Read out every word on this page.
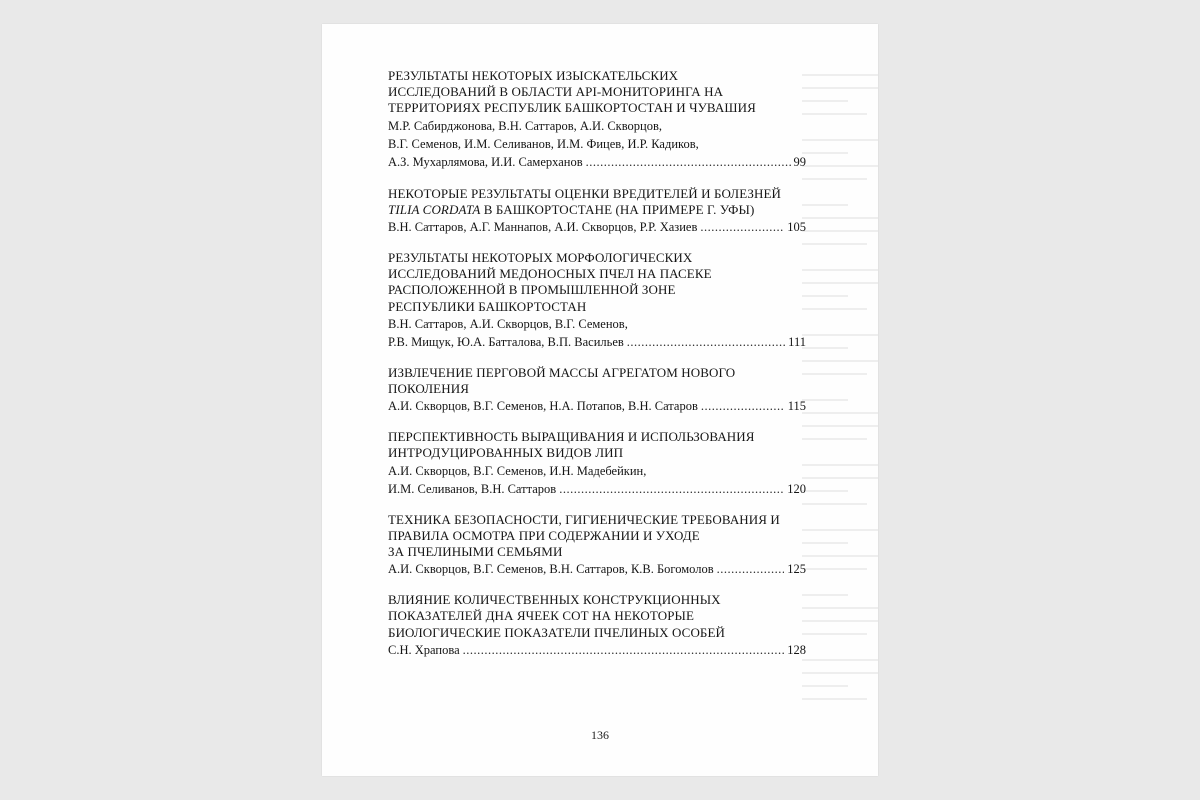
РЕЗУЛЬТАТЫ НЕКОТОРЫХ ИЗЫСКАТЕЛЬСКИХ
ИССЛЕДОВАНИЙ В ОБЛАСТИ API-МОНИТОРИНГА НА
ТЕРРИТОРИЯХ РЕСПУБЛИК БАШКОРТОСТАН И ЧУВАШИЯ
М.Р. Сабирджонова, В.Н. Саттаров, А.И. Скворцов,
В.Г. Семенов, И.М. Селиванов, И.М. Фицев, И.Р. Кадиков,
А.З. Мухарлямова, И.И. Самерханов .....	99
НЕКОТОРЫЕ РЕЗУЛЬТАТЫ ОЦЕНКИ ВРЕДИТЕЛЕЙ И БОЛЕЗНЕЙ
TILIA CORDATA В БАШКОРТОСТАНЕ (НА ПРИМЕРЕ Г. УФЫ)
В.Н. Саттаров, А.Г. Маннапов, А.И. Скворцов, Р.Р. Хазиев .....	105
РЕЗУЛЬТАТЫ НЕКОТОРЫХ МОРФОЛОГИЧЕСКИХ
ИССЛЕДОВАНИЙ МЕДОНОСНЫХ ПЧЕЛ НА ПАСЕКЕ
РАСПОЛОЖЕННОЙ В ПРОМЫШЛЕННОЙ ЗОНЕ
РЕСПУБЛИКИ БАШКОРТОСТАН
В.Н. Саттаров, А.И. Скворцов, В.Г. Семенов,
Р.В. Мищук, Ю.А. Батталова, В.П. Васильев .....	111
ИЗВЛЕЧЕНИЕ ПЕРГОВОЙ МАССЫ АГРЕГАТОМ НОВОГО
ПОКОЛЕНИЯ
А.И. Скворцов, В.Г. Семенов, Н.А. Потапов, В.Н. Сатаров .....	115
ПЕРСПЕКТИВНОСТЬ ВЫРАЩИВАНИЯ И ИСПОЛЬЗОВАНИЯ
ИНТРОДУЦИРОВАННЫХ ВИДОВ ЛИП
А.И. Скворцов, В.Г. Семенов, И.Н. Мадебейкин,
И.М. Селиванов, В.Н. Саттаров .....	120
ТЕХНИКА БЕЗОПАСНОСТИ, ГИГИЕНИЧЕСКИЕ ТРЕБОВАНИЯ И
ПРАВИЛА ОСМОТРА ПРИ СОДЕРЖАНИИ И УХОДЕ
ЗА ПЧЕЛИНЫМИ СЕМЬЯМИ
А.И. Скворцов, В.Г. Семенов, В.Н. Саттаров, К.В. Богомолов .....	125
ВЛИЯНИЕ КОЛИЧЕСТВЕННЫХ КОНСТРУКЦИОННЫХ
ПОКАЗАТЕЛЕЙ ДНА ЯЧЕЕК СОТ НА НЕКОТОРЫЕ
БИОЛОГИЧЕСКИЕ ПОКАЗАТЕЛИ ПЧЕЛИНЫХ ОСОБЕЙ
С.Н. Храпова .....	128
136
